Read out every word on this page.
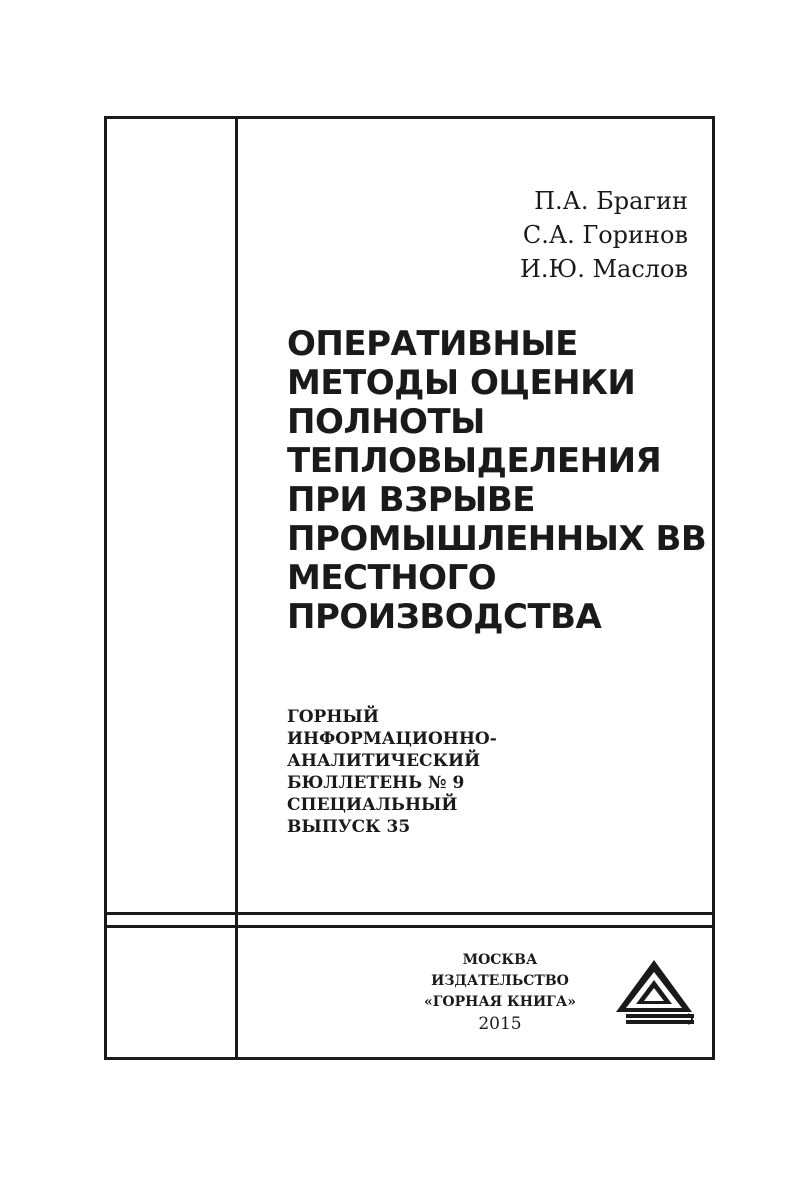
П.А. Брагин
С.А. Горинов
И.Ю. Маслов
ОПЕРАТИВНЫЕ
МЕТОДЫ ОЦЕНКИ
ПОЛНОТЫ
ТЕПЛОВЫДЕЛЕНИЯ
ПРИ ВЗРЫВЕ
ПРОМЫШЛЕННЫХ ВВ
МЕСТНОГО
ПРОИЗВОДСТВА
ГОРНЫЙ
ИНФОРМАЦИОННО-
АНАЛИТИЧЕСКИЙ
БЮЛЛЕТЕНЬ № 9
СПЕЦИАЛЬНЫЙ
ВЫПУСК 35
МОСКВА
ИЗДАТЕЛЬСТВО
«ГОРНАЯ КНИГА»
2015
